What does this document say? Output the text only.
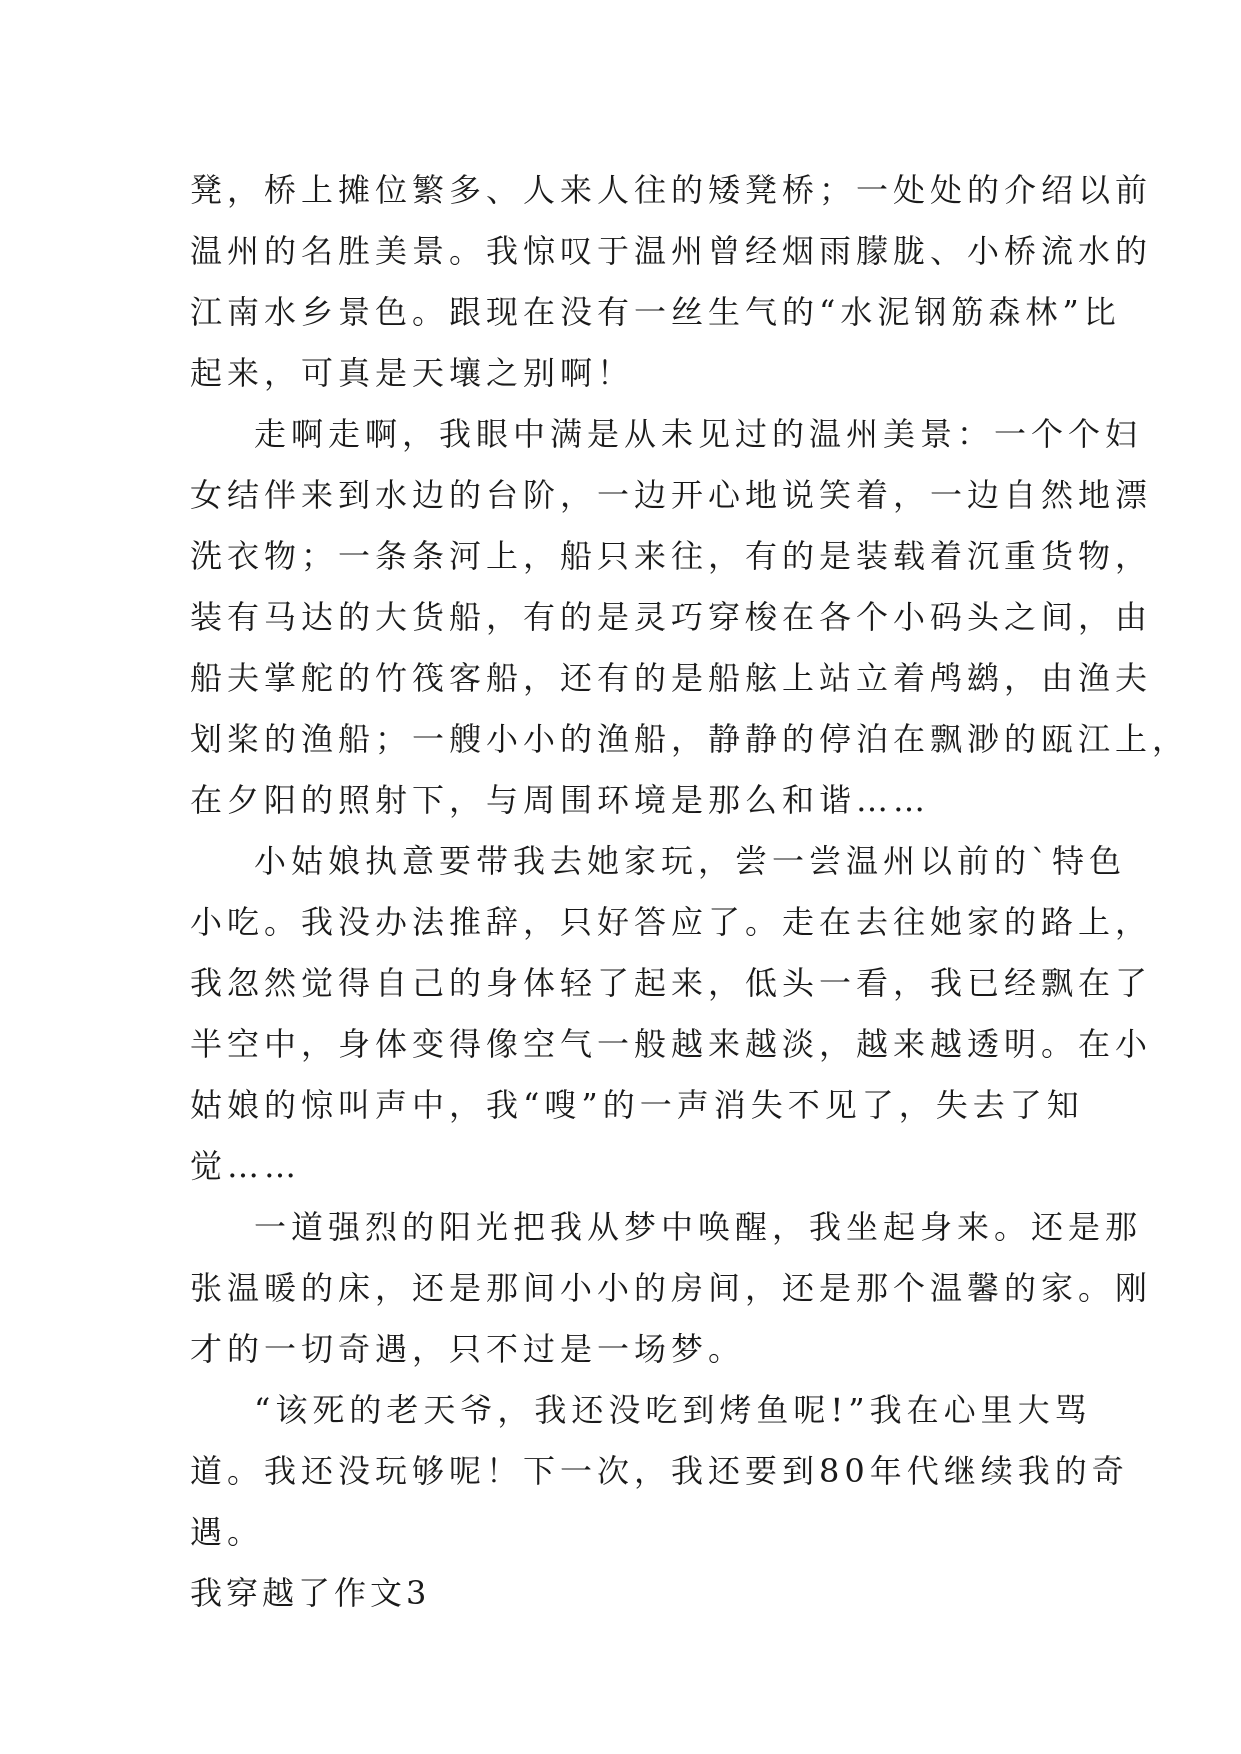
凳，桥上摊位繁多、人来人往的矮凳桥；一处处的介绍以前
温州的名胜美景。我惊叹于温州曾经烟雨朦胧、小桥流水的
江南水乡景色。跟现在没有一丝生气的“水泥钢筋森林”比
起来，可真是天壤之别啊！
走啊走啊，我眼中满是从未见过的温州美景：一个个妇
女结伴来到水边的台阶，一边开心地说笑着，一边自然地漂
洗衣物；一条条河上，船只来往，有的是装载着沉重货物，
装有马达的大货船，有的是灵巧穿梭在各个小码头之间，由
船夫掌舵的竹筏客船，还有的是船舷上站立着鸬鹚，由渔夫
划桨的渔船；一艘小小的渔船，静静的停泊在飘渺的瓯江上，
在夕阳的照射下，与周围环境是那么和谐……
小姑娘执意要带我去她家玩，尝一尝温州以前的`特色
小吃。我没办法推辞，只好答应了。走在去往她家的路上，
我忽然觉得自己的身体轻了起来，低头一看，我已经飘在了
半空中，身体变得像空气一般越来越淡，越来越透明。在小
姑娘的惊叫声中，我“嗖”的一声消失不见了，失去了知
觉……
一道强烈的阳光把我从梦中唤醒，我坐起身来。还是那
张温暖的床，还是那间小小的房间，还是那个温馨的家。刚
才的一切奇遇，只不过是一场梦。
“该死的老天爷，我还没吃到烤鱼呢!”我在心里大骂
道。我还没玩够呢！下一次，我还要到80年代继续我的奇
遇。
我穿越了作文3
